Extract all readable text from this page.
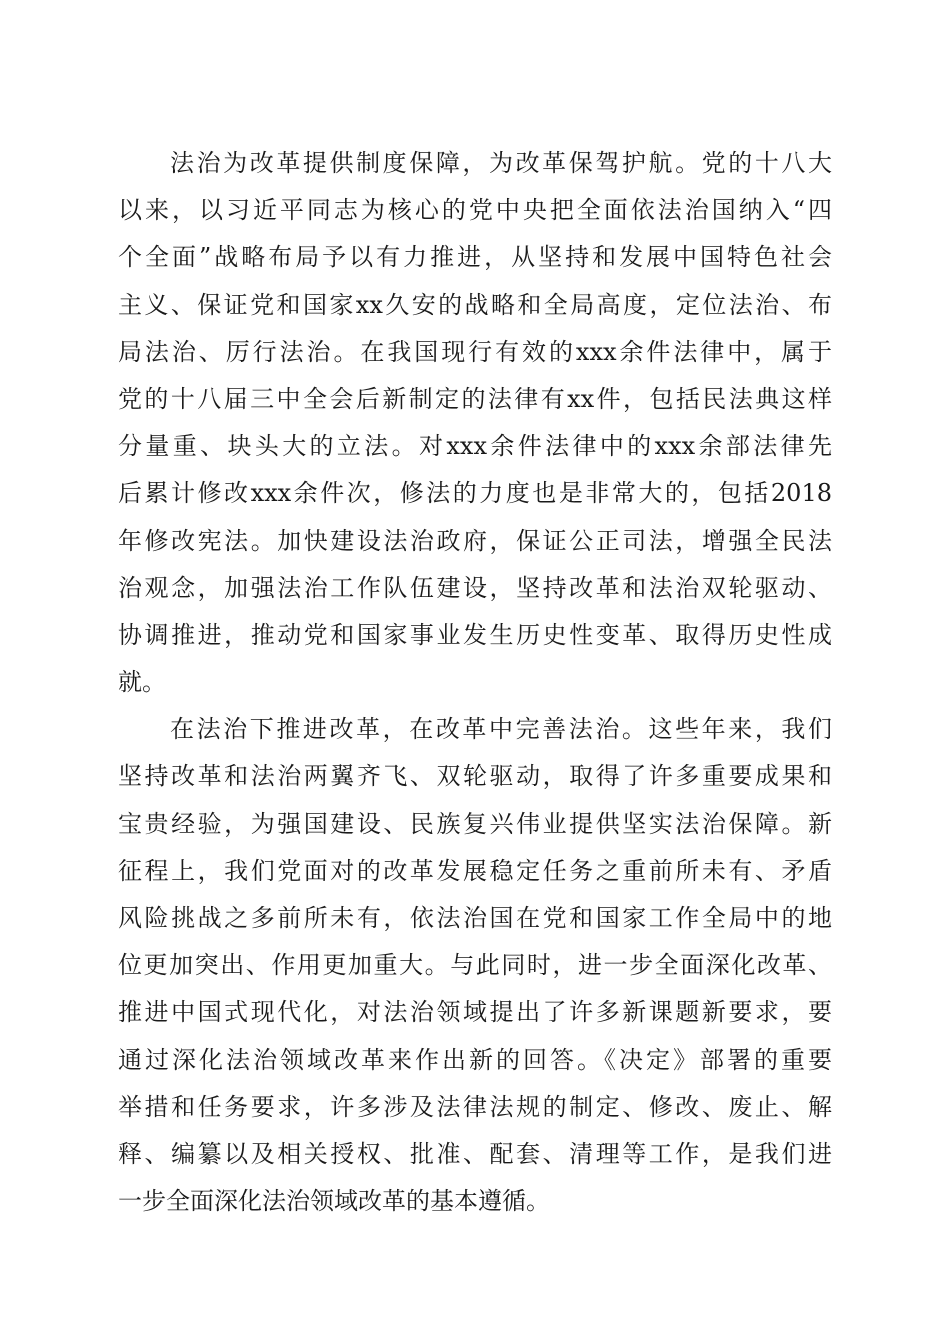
法治为改革提供制度保障，为改革保驾护航。党的十八大

以来，以习近平同志为核心的党中央把全面依法治国纳入“四

个全面”战略布局予以有力推进，从坚持和发展中国特色社会

主义、保证党和国家xx久安的战略和全局高度，定位法治、布

局法治、厉行法治。在我国现行有效的xxx余件法律中，属于

党的十八届三中全会后新制定的法律有xx件，包括民法典这样

分量重、块头大的立法。对xxx余件法律中的xxx余部法律先

后累计修改xxx余件次，修法的力度也是非常大的，包括2018

年修改宪法。加快建设法治政府，保证公正司法，增强全民法

治观念，加强法治工作队伍建设，坚持改革和法治双轮驱动、

协调推进，推动党和国家事业发生历史性变革、取得历史性成

就。

在法治下推进改革，在改革中完善法治。这些年来，我们

坚持改革和法治两翼齐飞、双轮驱动，取得了许多重要成果和

宝贵经验，为强国建设、民族复兴伟业提供坚实法治保障。新

征程上，我们党面对的改革发展稳定任务之重前所未有、矛盾

风险挑战之多前所未有，依法治国在党和国家工作全局中的地

位更加突出、作用更加重大。与此同时，进一步全面深化改革、

推进中国式现代化，对法治领域提出了许多新课题新要求，要

通过深化法治领域改革来作出新的回答。《决定》部署的重要

举措和任务要求，许多涉及法律法规的制定、修改、废止、解

释、编纂以及相关授权、批准、配套、清理等工作，是我们进

一步全面深化法治领域改革的基本遵循。
